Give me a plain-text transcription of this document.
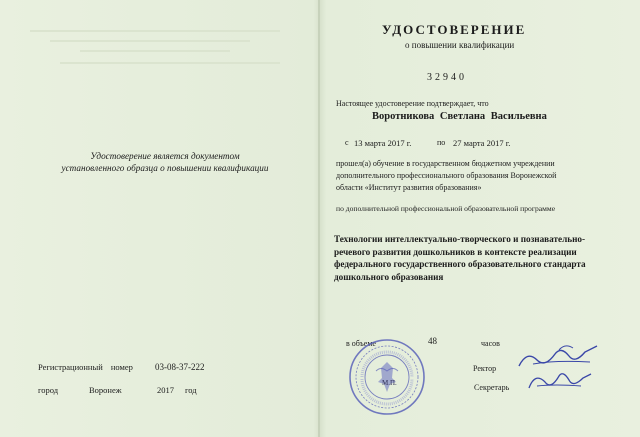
Удостоверение является документом
установленного образца о повышении квалификации
Регистрационный номер 03-08-37-222
город	Воронеж	2017 год
УДОСТОВЕРЕНИЕ
о повышении квалификации
32940
Настоящее удостоверение подтверждает, что
Воротникова Светлана Васильевна
с 13 марта 2017 г.	по 27 марта 2017 г.
прошел(а) обучение в государственном бюджетном учреждении
дополнительного профессионального образования Воронежской
области «Институт развития образования»
по дополнительной профессиональной образовательной программе
Технологии интеллектуально-творческого и познавательно-
речевого развития дошкольников в контексте реализации
федерального государственного образовательного стандарта
дошкольного образования
в объеме	48	часов
Ректор
Секретарь
М.П.
